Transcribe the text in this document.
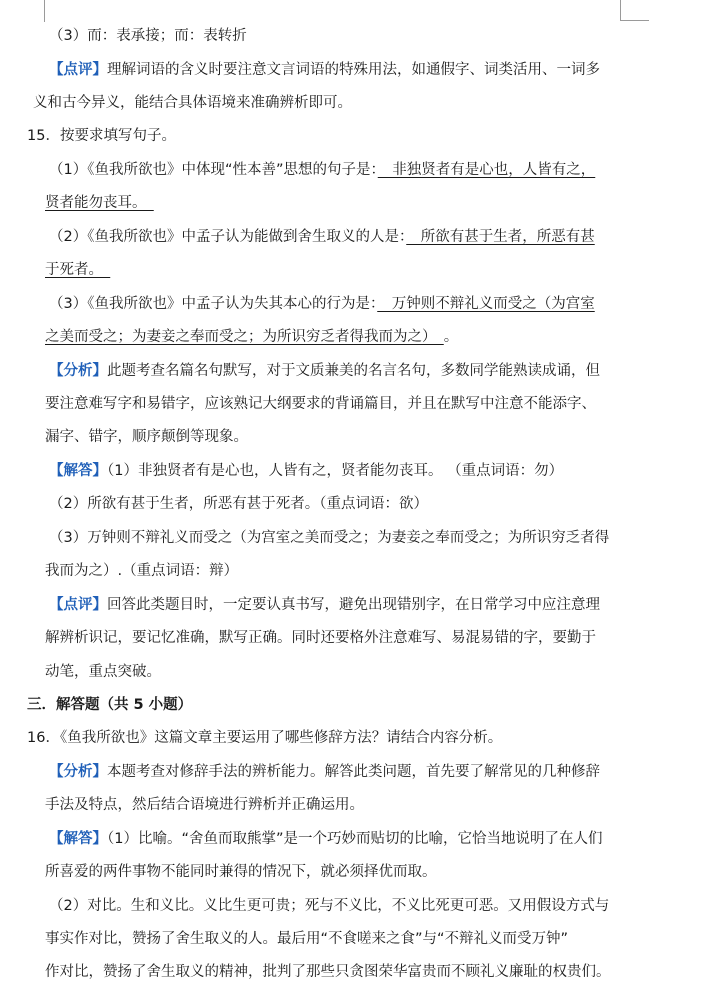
（3）而：表承接；而：表转折
【点评】理解词语的含义时要注意文言词语的特殊用法，如通假字、词类活用、一词多
义和古今异义，能结合具体语境来准确辨析即可。
15．按要求填写句子。
（1）《鱼我所欲也》中体现“性本善”思想的句子是：　非独贤者有是心也，人皆有之，
贤者能勿丧耳。　
（2）《鱼我所欲也》中孟子认为能做到舍生取义的人是：　所欲有甚于生者，所恶有甚
于死者。　
（3）《鱼我所欲也》中孟子认为失其本心的行为是：　万钟则不辩礼义而受之（为宫室
之美而受之；为妻妾之奉而受之；为所识穷乏者得我而为之）　。
【分析】此题考查名篇名句默写，对于文质兼美的名言名句，多数同学能熟读成诵，但
要注意难写字和易错字，应该熟记大纲要求的背诵篇目，并且在默写中注意不能添字、
漏字、错字，顺序颠倒等现象。
【解答】（1）非独贤者有是心也，人皆有之，贤者能勿丧耳。 （重点词语：勿）
（2）所欲有甚于生者，所恶有甚于死者。（重点词语：欲）
（3）万钟则不辩礼义而受之（为宫室之美而受之；为妻妾之奉而受之；为所识穷乏者得
我而为之）.（重点词语：辩）
【点评】回答此类题目时，一定要认真书写，避免出现错别字，在日常学习中应注意理
解辨析识记，要记忆准确，默写正确。同时还要格外注意难写、易混易错的字，要勤于
动笔，重点突破。
三．解答题（共 5 小题）
16．《鱼我所欲也》这篇文章主要运用了哪些修辞方法？请结合内容分析。
【分析】本题考查对修辞手法的辨析能力。解答此类问题，首先要了解常见的几种修辞
手法及特点，然后结合语境进行辨析并正确运用。
【解答】（1）比喻。“舍鱼而取熊掌”是一个巧妙而贴切的比喻，它恰当地说明了在人们
所喜爱的两件事物不能同时兼得的情况下，就必须择优而取。
（2）对比。生和义比。义比生更可贵；死与不义比，不义比死更可恶。又用假设方式与
事实作对比，赞扬了舍生取义的人。最后用“不食嗟来之食”与“不辩礼义而受万钟”
作对比，赞扬了舍生取义的精神，批判了那些只贪图荣华富贵而不顾礼义廉耻的权贵们。
